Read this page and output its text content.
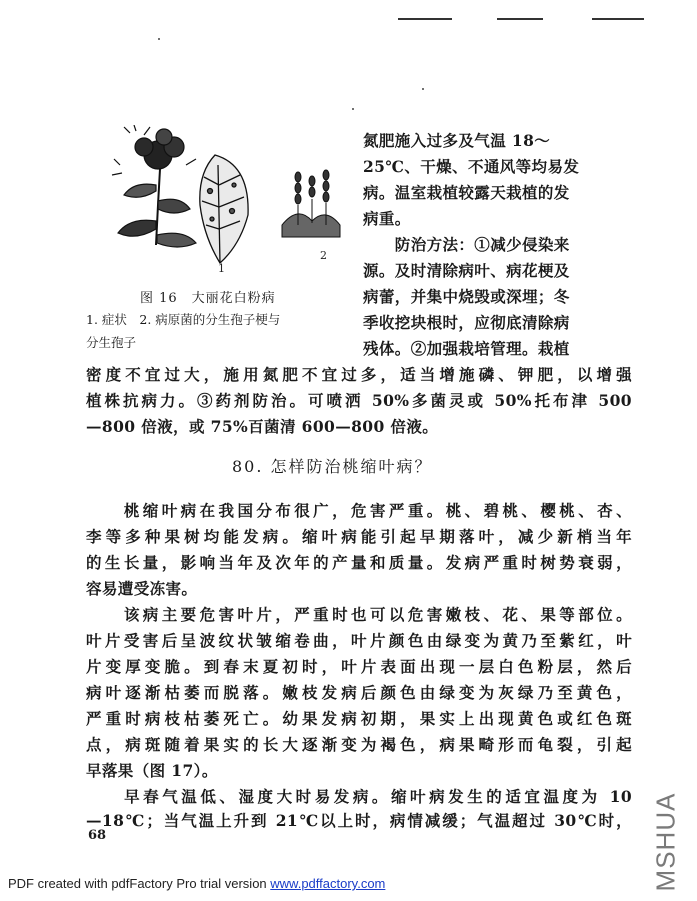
1
2
图 16　大丽花白粉病
1. 症状　2. 病原菌的分生孢子梗与
分生孢子
氮肥施入过多及气温 18～
25℃、干燥、不通风等均易发
病。温室栽植较露天栽植的发
病重。
　　防治方法：①减少侵染来
源。及时清除病叶、病花梗及
病蕾，并集中烧毁或深埋；冬
季收挖块根时，应彻底清除病
残体。②加强栽培管理。栽植
密度不宜过大，施用氮肥不宜过多，适当增施磷、钾肥，以增强
植株抗病力。③药剂防治。可喷洒 50%多菌灵或 50%托布津 500
—800 倍液，或 75%百菌清 600—800 倍液。
80. 怎样防治桃缩叶病？
　　桃缩叶病在我国分布很广，危害严重。桃、碧桃、樱桃、杏、
李等多种果树均能发病。缩叶病能引起早期落叶，减少新梢当年
的生长量，影响当年及次年的产量和质量。发病严重时树势衰弱，
容易遭受冻害。
　　该病主要危害叶片，严重时也可以危害嫩枝、花、果等部位。
叶片受害后呈波纹状皱缩卷曲，叶片颜色由绿变为黄乃至紫红，叶
片变厚变脆。到春末夏初时，叶片表面出现一层白色粉层，然后
病叶逐渐枯萎而脱落。嫩枝发病后颜色由绿变为灰绿乃至黄色，
严重时病枝枯萎死亡。幼果发病初期，果实上出现黄色或红色斑
点，病斑随着果实的长大逐渐变为褐色，病果畸形而龟裂，引起
早落果（图 17）。
　　早春气温低、湿度大时易发病。缩叶病发生的适宜温度为 10
—18℃；当气温上升到 21℃以上时，病情减缓；气温超过 30℃时，
68
PDF created with pdfFactory Pro trial version www.pdffactory.com	MSHUA
